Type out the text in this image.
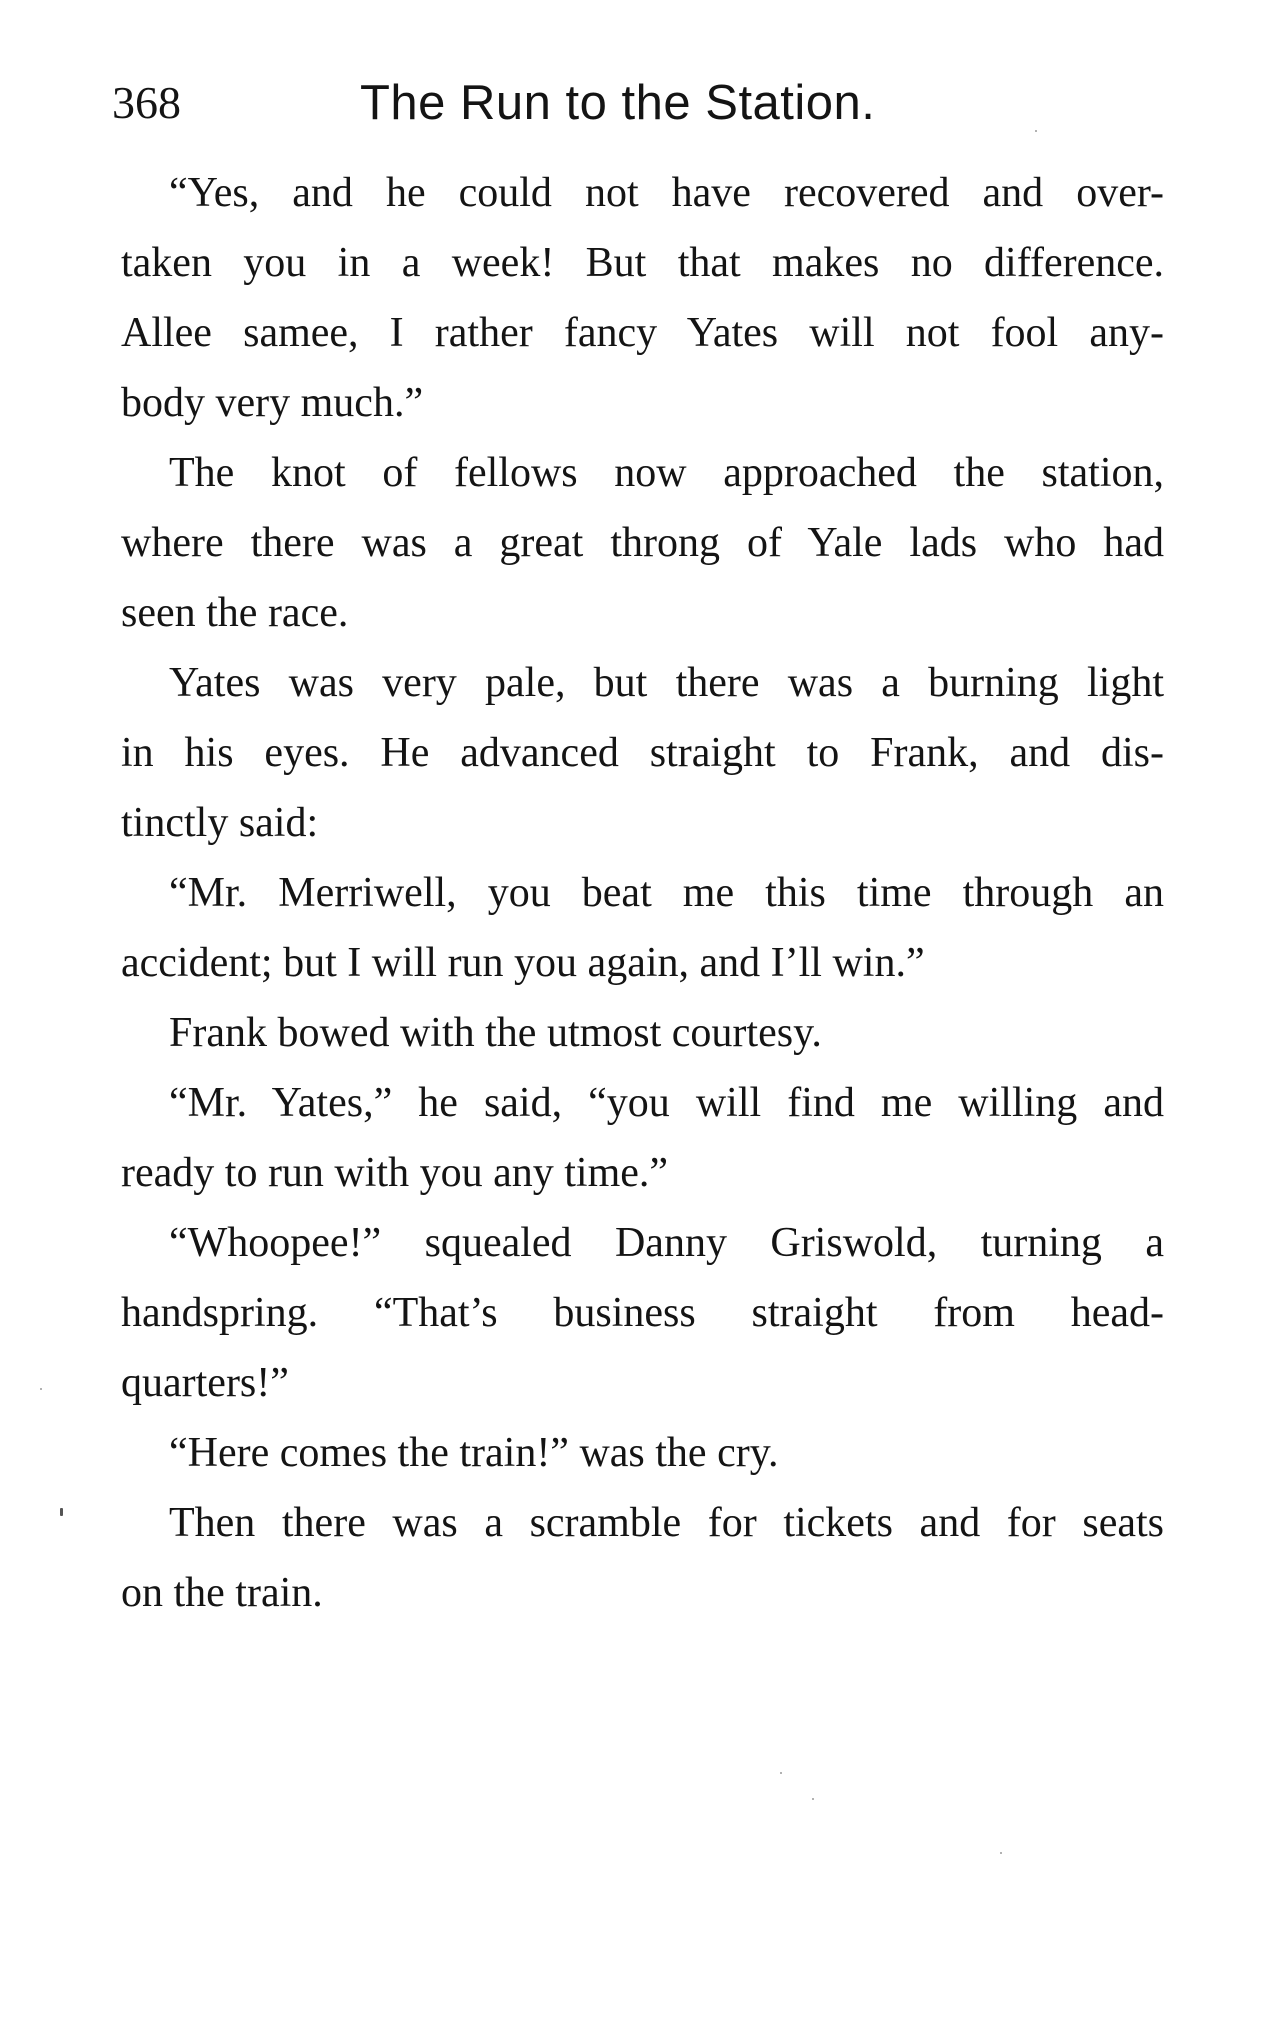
368	The Run to the Station.
“Yes, and he could not have recovered and over-
taken you in a week! But that makes no difference.
Allee samee, I rather fancy Yates will not fool any-
body very much.”
The knot of fellows now approached the station,
where there was a great throng of Yale lads who had
seen the race.
Yates was very pale, but there was a burning light
in his eyes. He advanced straight to Frank, and dis-
tinctly said:
“Mr. Merriwell, you beat me this time through an
accident; but I will run you again, and I’ll win.”
Frank bowed with the utmost courtesy.
“Mr. Yates,” he said, “you will find me willing and
ready to run with you any time.”
“Whoopee!” squealed Danny Griswold, turning a
handspring. “That’s business straight from head-
quarters!”
“Here comes the train!” was the cry.
Then there was a scramble for tickets and for seats
on the train.
